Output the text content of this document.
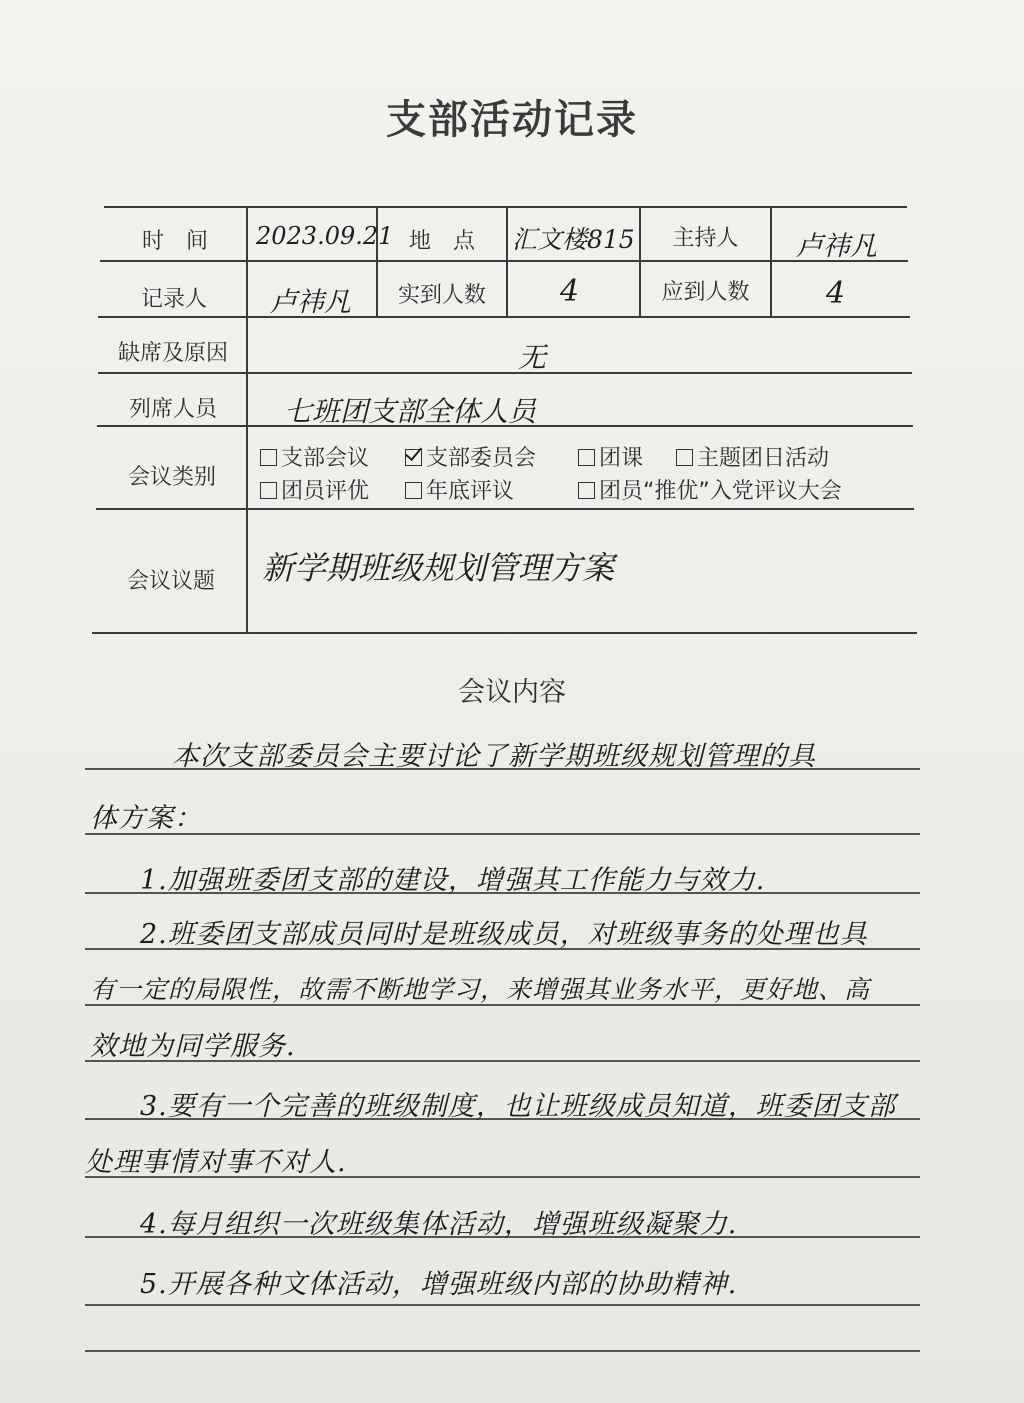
支部活动记录
时　间	2023.09.21 地　点	汇文楼815	主持人	卢祎凡
记录人	卢祎凡	实到人数	4	应到人数	4
缺席及原因	无
列席人员	七班团支部全体人员
会议类别
支部会议	支部委员会	团课	主题团日活动
团员评优	年底评议	团员“推优”入党评议大会
会议议题	新学期班级规划管理方案
会议内容
本次支部委员会主要讨论了新学期班级规划管理的具
体方案：
1.加强班委团支部的建设，增强其工作能力与效力.
2.班委团支部成员同时是班级成员，对班级事务的处理也具
有一定的局限性，故需不断地学习，来增强其业务水平，更好地、高
效地为同学服务.
3.要有一个完善的班级制度，也让班级成员知道，班委团支部
处理事情对事不对人.
4.每月组织一次班级集体活动，增强班级凝聚力.
5.开展各种文体活动，增强班级内部的协助精神.
